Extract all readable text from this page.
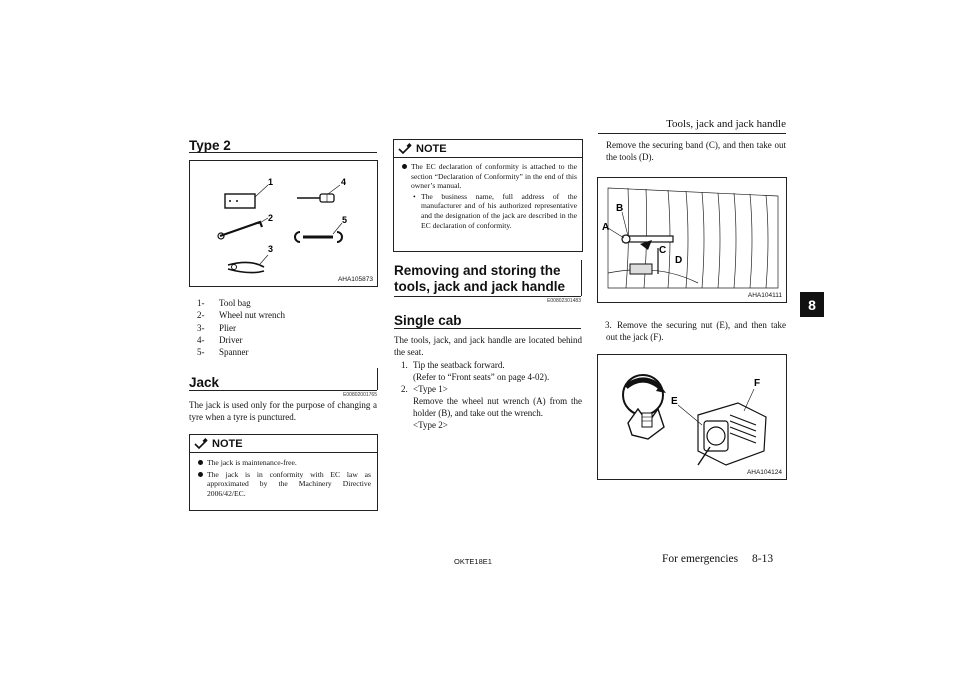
Tools, jack and jack handle
8
Type 2
1
2
3
4
5
AHA105873
1- Tool bag
2- Wheel nut wrench
3- Plier
4- Driver
5- Spanner
Jack
E00802001765
The jack is used only for the purpose of changing a tyre when a tyre is punctured.
NOTE
The jack is maintenance-free.
The jack is in conformity with EC law as approximated by the Machinery Directive 2006/42/EC.
NOTE
The EC declaration of conformity is attached to the section “Declaration of Conformity” in the end of this owner’s manual.
• The business name, full address of the manufacturer and of his authorized representative and the designation of the jack are described in the EC declaration of conformity.
Removing and storing the
tools, jack and jack handle
E00802301483
Single cab
The tools, jack, and jack handle are located behind the seat.
1. Tip the seatback forward.
(Refer to “Front seats” on page 4-02).
2. <Type 1>
Remove the wheel nut wrench (A) from the holder (B), and take out the wrench.
<Type 2>
Remove the securing band (C), and then take out the tools (D).
A
B
C
D
AHA104111
3. Remove the securing nut (E), and then take out the jack (F).
E
F
AHA104124
OKTE18E1	For emergencies 8-13
